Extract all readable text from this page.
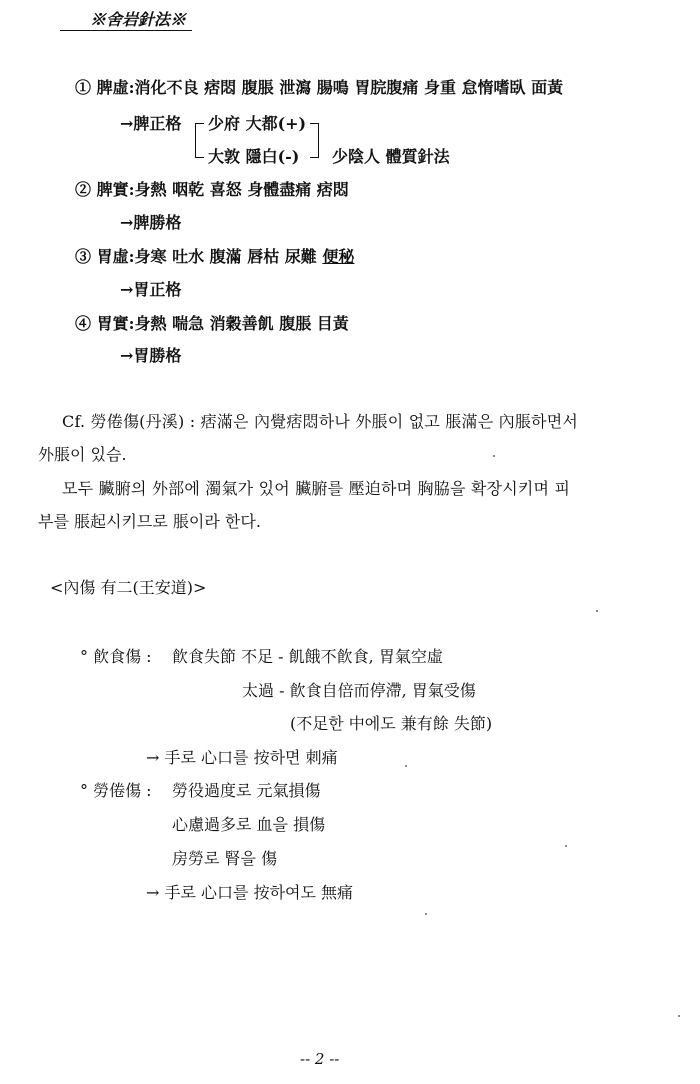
※舍岩針法※
① 脾虛:消化不良 痞悶 腹脹 泄瀉 腸鳴 胃脘腹痛 身重 怠惰嗜臥 面黃
→脾正格 少府 大都(+)
大敦 隱白(-) 少陰人 體質針法
② 脾實:身熱 咽乾 喜怒 身體盡痛 痞悶
→脾勝格
③ 胃虛:身寒 吐水 腹滿 唇枯 尿難 便秘
→胃正格
④ 胃實:身熱 喘急 消穀善飢 腹脹 目黃
→胃勝格
Cf. 勞倦傷(丹溪) : 痞滿은 內覺痞悶하나 外脹이 없고 脹滿은 內脹하면서
外脹이 있슴.
모두 臟腑의 外部에 濁氣가 있어 臟腑를 壓迫하며 胸脇을 확장시키며 피
부를 脹起시키므로 脹이라 한다.
<內傷 有二(王安道)>
° 飮食傷 : 飮食失節 不足 - 飢餓不飮食, 胃氣空虛
太過 - 飮食自倍而停滯, 胃氣受傷
(不足한 中에도 兼有餘 失節)
→ 手로 心口를 按하면 刺痛
° 勞倦傷 : 勞役過度로 元氣損傷
心慮過多로 血을 損傷
房勞로 腎을 傷
→ 手로 心口를 按하여도 無痛
-- 2 --
